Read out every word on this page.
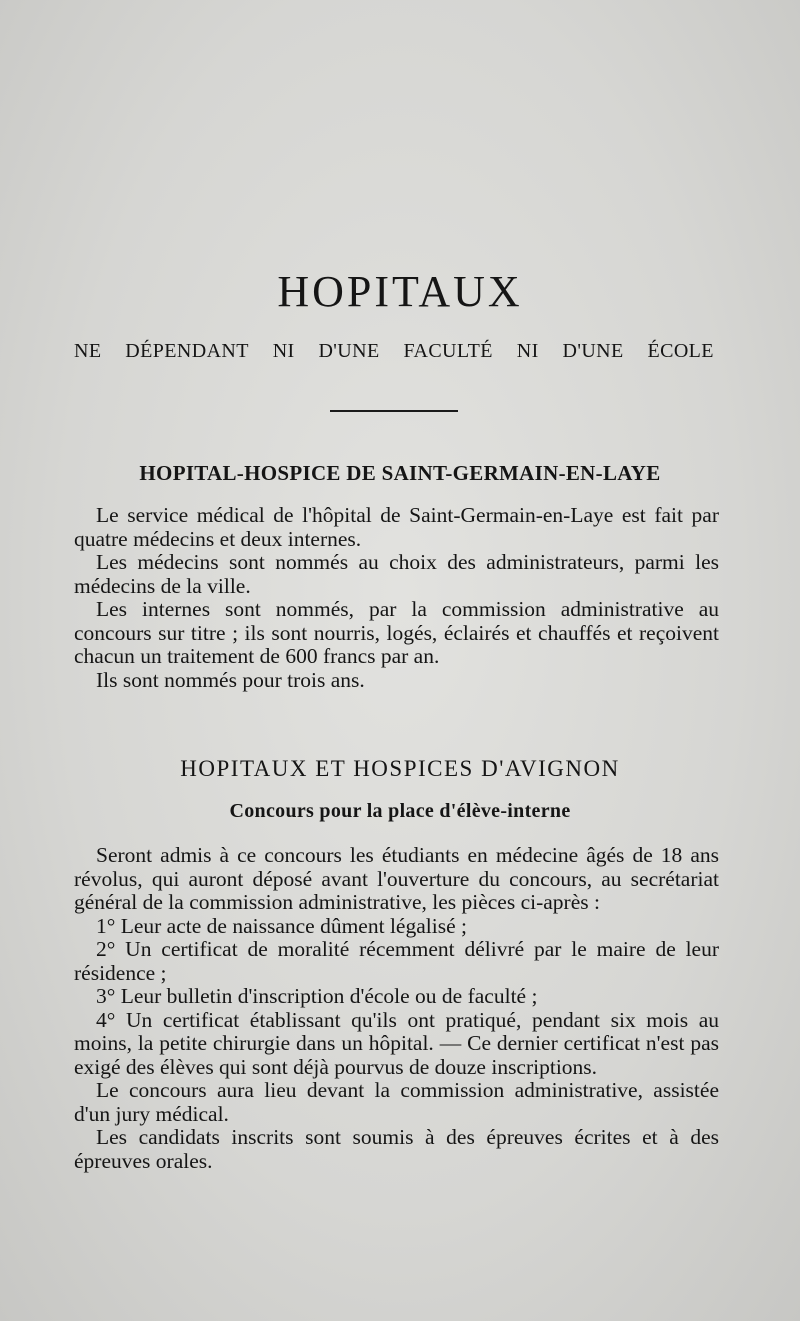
HOPITAUX
NE DÉPENDANT NI D'UNE FACULTÉ NI D'UNE ÉCOLE
HOPITAL-HOSPICE DE SAINT-GERMAIN-EN-LAYE

Le service médical de l'hôpital de Saint-Germain-en-Laye est fait par quatre médecins et deux internes.

Les médecins sont nommés au choix des administrateurs, parmi les médecins de la ville.

Les internes sont nommés, par la commission administrative au concours sur titre ; ils sont nourris, logés, éclairés et chauffés et reçoivent chacun un traitement de 600 francs par an.

Ils sont nommés pour trois ans.

HOPITAUX ET HOSPICES D'AVIGNON
Concours pour la place d'élève-interne

Seront admis à ce concours les étudiants en médecine âgés de 18 ans révolus, qui auront déposé avant l'ouverture du concours, au secrétariat général de la commission administrative, les pièces ci-après :

1° Leur acte de naissance dûment légalisé ;

2° Un certificat de moralité récemment délivré par le maire de leur résidence ;

3° Leur bulletin d'inscription d'école ou de faculté ;

4° Un certificat établissant qu'ils ont pratiqué, pendant six mois au moins, la petite chirurgie dans un hôpital. — Ce dernier certificat n'est pas exigé des élèves qui sont déjà pourvus de douze inscriptions.

Le concours aura lieu devant la commission administrative, assistée d'un jury médical.

Les candidats inscrits sont soumis à des épreuves écrites et à des épreuves orales.
